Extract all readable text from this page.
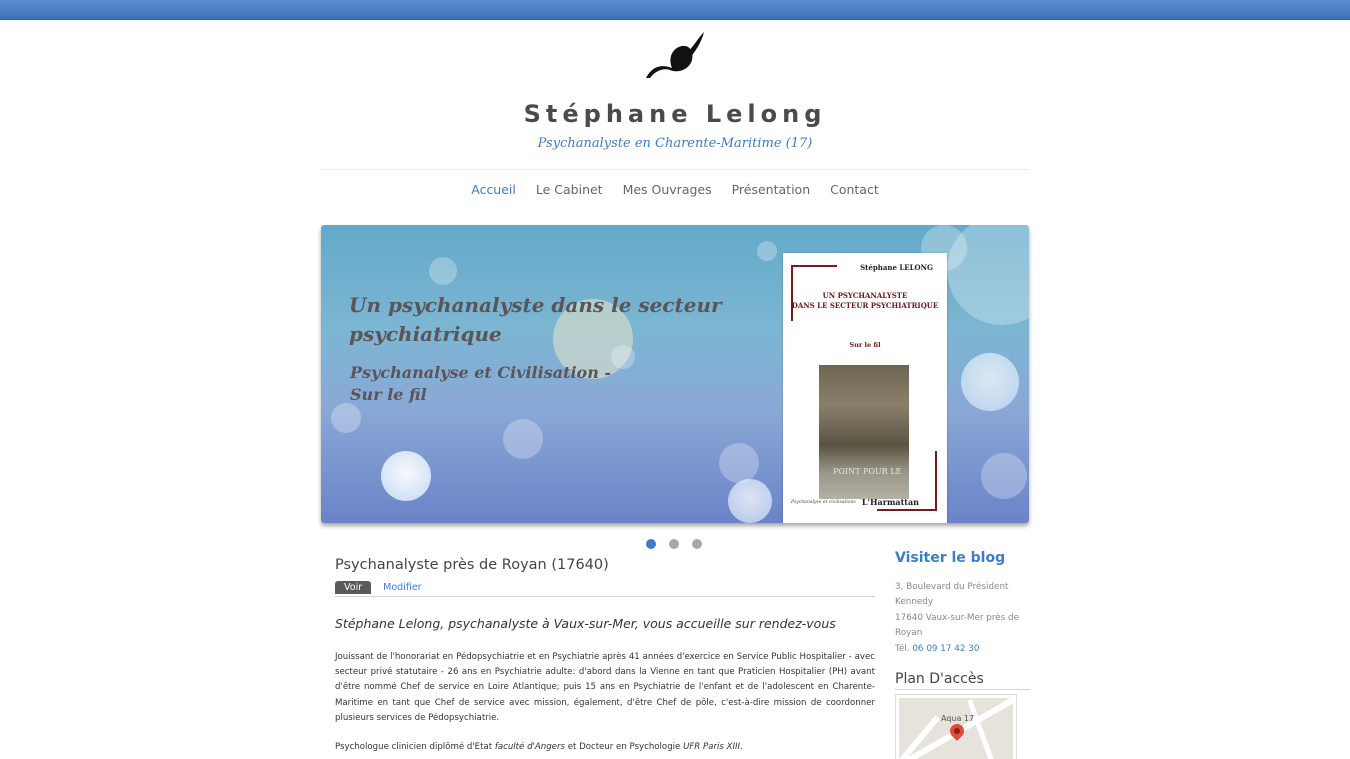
Stéphane Lelong
Psychanalyste en Charente-Maritime (17)
Accueil Le Cabinet Mes Ouvrages Présentation Contact
Un psychanalyste dans le secteur psychiatrique
Psychanalyse et Civilisation -
Sur le fil
Stéphane LELONG
UN PSYCHANALYSTE
DANS LE SECTEUR PSYCHIATRIQUE
Sur le fil
POINT POUR LE
Psychanalyse et civilisations L'Harmattan
Psychanalyste près de Royan (17640)
Voir Modifier

Stéphane Lelong, psychanalyste à Vaux-sur-Mer, vous accueille sur rendez-vous

Jouissant de l'honorariat en Pédopsychiatrie et en Psychiatrie après 41 années d'exercice en Service Public Hospitalier - avec secteur privé statutaire - 26 ans en Psychiatrie adulte: d'abord dans la Vienne en tant que Praticien Hospitalier (PH) avant d'être nommé Chef de service en Loire Atlantique; puis 15 ans en Psychiatrie de l'enfant et de l'adolescent en Charente-Maritime en tant que Chef de service avec mission, également, d'être Chef de pôle, c'est-à-dire mission de coordonner plusieurs services de Pédopsychiatrie.

Psychologue clinicien diplômé d'Etat faculté d'Angers et Docteur en Psychologie UFR Paris XIII.

Visiter le blog
3, Boulevard du Président
Kennedy
17640 Vaux-sur-Mer près de
Royan
Tél. 06 09 17 42 30
Plan D'accès
Aqua 17
